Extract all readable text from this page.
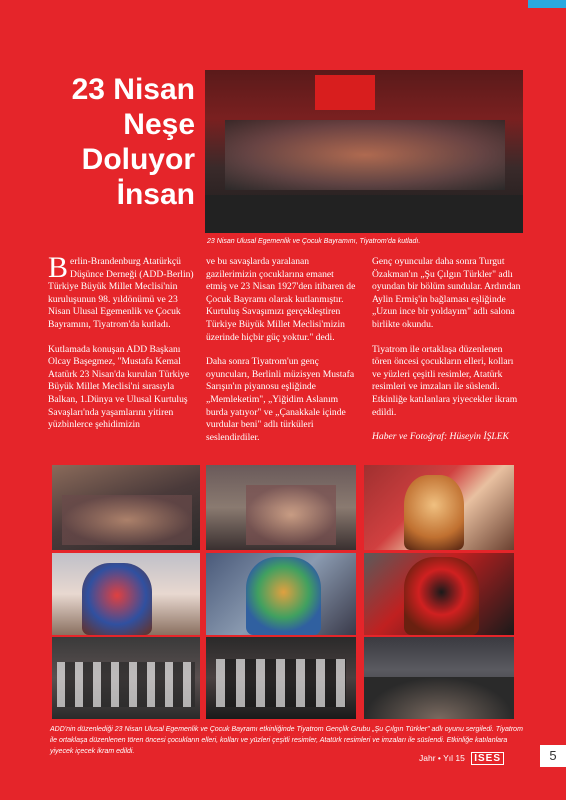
23 Nisan Neşe Doluyor İnsan
23 Nisan Ulusal Egemenlik ve Çocuk Bayramını, Tiyatrom'da kutladı.

Berlin-Brandenburg Atatürkçü Düşünce Derneği (ADD-Berlin) Türkiye Büyük Millet Meclisi'nin kuruluşunun 98. yıldönümü ve 23 Nisan Ulusal Egemenlik ve Çocuk Bayramını, Tiyatrom'da kutladı.

Kutlamada konuşan ADD Başkanı Olcay Başegmez, "Mustafa Kemal Atatürk 23 Nisan'da kurulan Türkiye Büyük Millet Meclisi'ni sırasıyla Balkan, 1.Dünya ve Ulusal Kurtuluş Savaşları'nda yaşamlarını yitiren yüzbinlerce şehidimizin

ve bu savaşlarda yaralanan gazilerimizin çocuklarına emanet etmiş ve 23 Nisan 1927'den itibaren de Çocuk Bayramı olarak kutlanmıştır. Kurtuluş Savaşımızı gerçekleştiren Türkiye Büyük Millet Meclisi'mizin üzerinde hiçbir güç yoktur." dedi.

Daha sonra Tiyatrom'un genç oyuncuları, Berlinli müzisyen Mustafa Sarışın'ın piyanosu eşliğinde „Memleketim", „Yiğidim Aslanım burda yatıyor" ve „Çanakkale içinde vurdular beni" adlı türküleri seslendirdiler.

Genç oyuncular daha sonra Turgut Özakman'ın „Şu Çılgın Türkler" adlı oyundan bir bölüm sundular. Ardından Aylin Ermiş'in bağlaması eşliğinde „Uzun ince bir yoldayım" adlı salona birlikte okundu.

Tiyatrom ile ortaklaşa düzenlenen tören öncesi çocukların elleri, kolları ve yüzleri çeşitli resimler, Atatürk resimleri ve imzaları ile süslendi. Etkinliğe katılanlara yiyecekler ikram edildi.

Haber ve Fotoğraf: Hüseyin İŞLEK

ADD'nin düzenlediği 23 Nisan Ulusal Egemenlik ve Çocuk Bayramı etkinliğinde Tiyatrom Gençlik Grubu „Şu Çılgın Türkler" adlı oyunu sergiledi. Tiyatrom ile ortaklaşa düzenlenen tören öncesi çocukların elleri, kolları ve yüzleri çeşitli resimler, Atatürk resimleri ve imzaları ile süslendi. Etkinliğe katılanlara yiyecek içecek ikram edildi.
Jahr • Yıl 15 ISES	5
